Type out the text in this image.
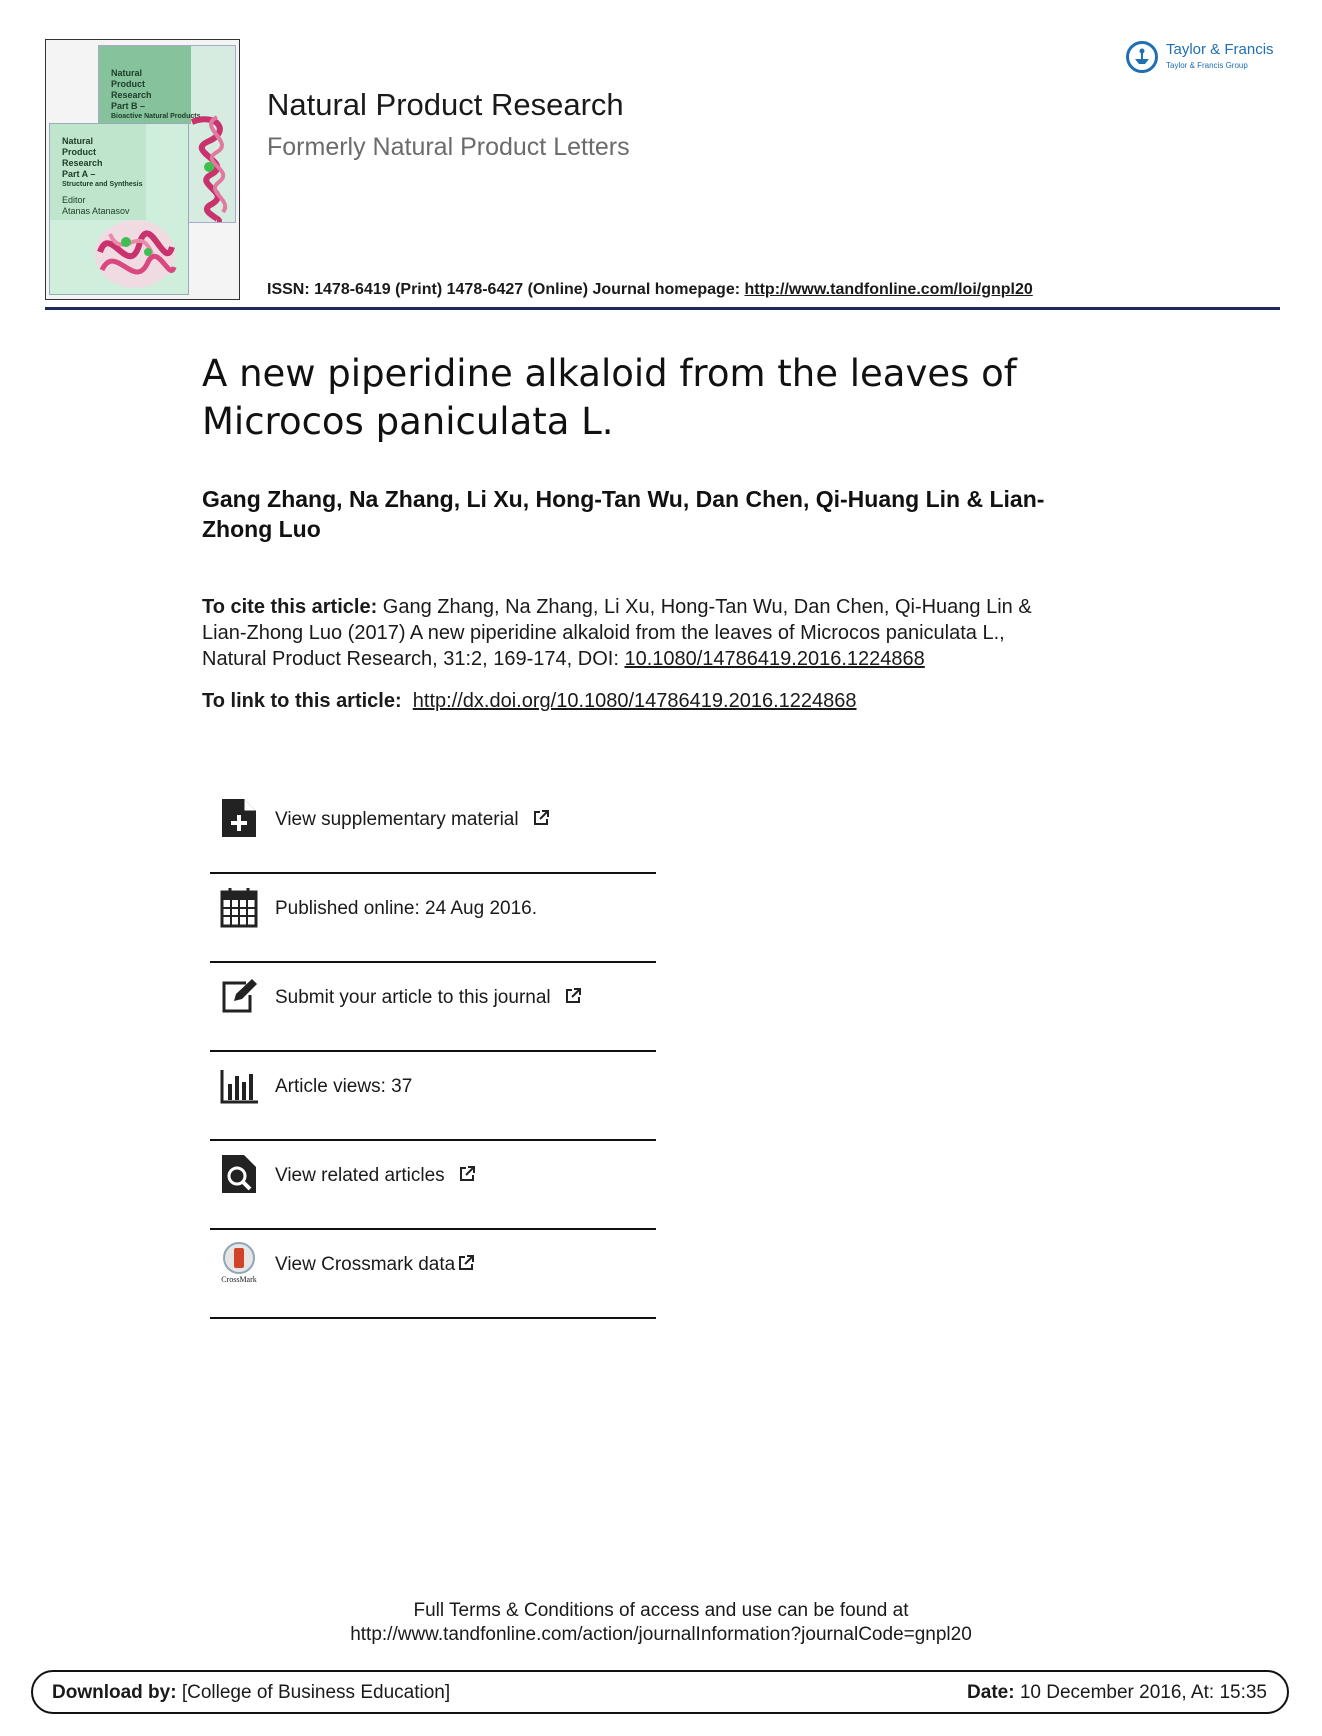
Natural
Product
Research
Part B –
Bioactive Natural Products
Natural
Product
Research
Part A –
Structure and Synthesis
Editor
Atanas Atanasov
Natural Product Research
Formerly Natural Product Letters
ISSN: 1478-6419 (Print) 1478-6427 (Online) Journal homepage: http://www.tandfonline.com/loi/gnpl20
Taylor & Francis
Taylor & Francis Group
A new piperidine alkaloid from the leaves of
Microcos paniculata L.

Gang Zhang, Na Zhang, Li Xu, Hong-Tan Wu, Dan Chen, Qi-Huang Lin & Lian-
Zhong Luo

To cite this article: Gang Zhang, Na Zhang, Li Xu, Hong-Tan Wu, Dan Chen, Qi-Huang Lin &
Lian-Zhong Luo (2017) A new piperidine alkaloid from the leaves of Microcos paniculata L.,
Natural Product Research, 31:2, 169-174, DOI: 10.1080/14786419.2016.1224868

To link to this article:  http://dx.doi.org/10.1080/14786419.2016.1224868
View supplementary material
Published online: 24 Aug 2016.
Submit your article to this journal
Article views: 37
View related articles
CrossMark
View Crossmark data
Full Terms & Conditions of access and use can be found at
http://www.tandfonline.com/action/journalInformation?journalCode=gnpl20
Download by: [College of Business Education]	Date: 10 December 2016, At: 15:35
